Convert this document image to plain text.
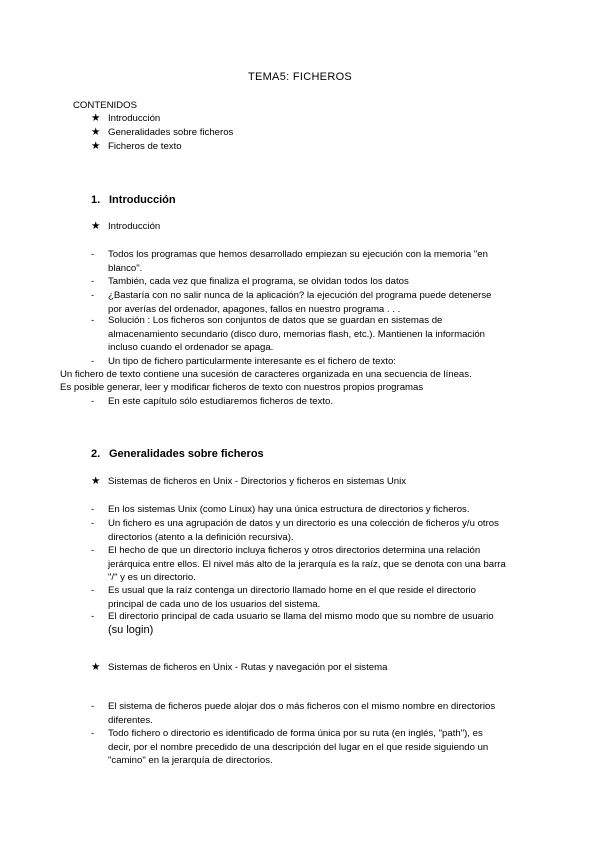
TEMA5: FICHEROS
CONTENIDOS
★ Introducción
★ Generalidades sobre ficheros
★ Ficheros de texto
1. Introducción
★ Introducción
- Todos los programas que hemos desarrollado empiezan su ejecución con la memoria "en
blanco".
- También, cada vez que finaliza el programa, se olvidan todos los datos
- ¿Bastaría con no salir nunca de la aplicación? la ejecución del programa puede detenerse
por averías del ordenador, apagones, fallos en nuestro programa . . .
- Solución : Los ficheros son conjuntos de datos que se guardan en sistemas de
almacenamiento secundario (disco duro, memorias flash, etc.). Mantienen la información
incluso cuando el ordenador se apaga.
- Un tipo de fichero particularmente interesante es el fichero de texto:
Un fichero de texto contiene una sucesión de caracteres organizada en una secuencia de líneas.
Es posible generar, leer y modificar ficheros de texto con nuestros propios programas
- En este capítulo sólo estudiaremos ficheros de texto.
2. Generalidades sobre ficheros
★ Sistemas de ficheros en Unix - Directorios y ficheros en sistemas Unix
- En los sistemas Unix (como Linux) hay una única estructura de directorios y ficheros.
- Un fichero es una agrupación de datos y un directorio es una colección de ficheros y/u otros
directorios (atento a la definición recursiva).
- El hecho de que un directorio incluya ficheros y otros directorios determina una relación
jerárquica entre ellos. El nivel más alto de la jerarquía es la raíz, que se denota con una barra
"/" y es un directorio.
- Es usual que la raíz contenga un directorio llamado home en el que reside el directorio
principal de cada uno de los usuarios del sistema.
- El directorio principal de cada usuario se llama del mismo modo que su nombre de usuario
(su login)
★ Sistemas de ficheros en Unix - Rutas y navegación por el sistema
- El sistema de ficheros puede alojar dos o más ficheros con el mismo nombre en directorios
diferentes.
- Todo fichero o directorio es identificado de forma única por su ruta (en inglés, "path"), es
decir, por el nombre precedido de una descripción del lugar en el que reside siguiendo un
"camino" en la jerarquía de directorios.
